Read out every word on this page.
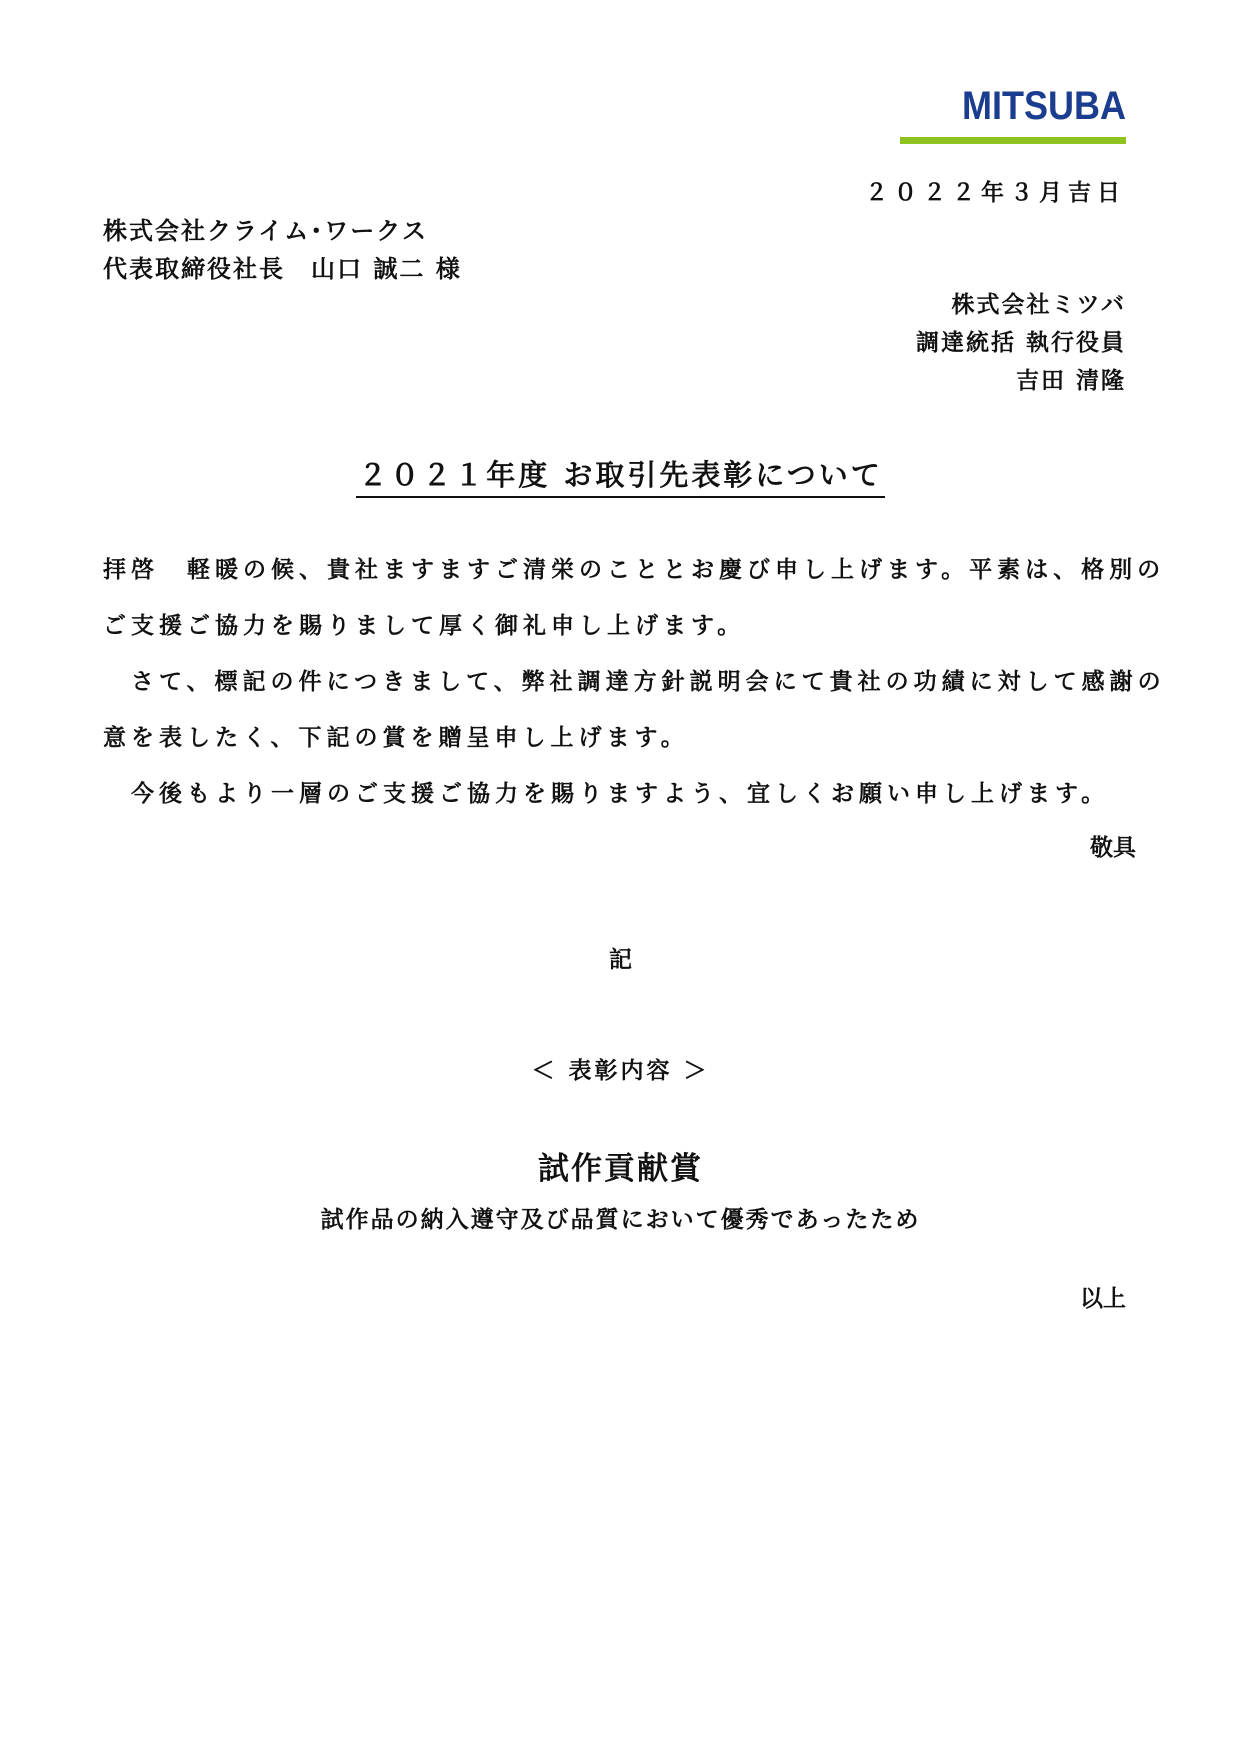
MITSUBA
２０２２年３月吉日
株式会社クライム･ワークス
代表取締役社長　山口 誠二 様
株式会社ミツバ
調達統括 執行役員
吉田 清隆
２０２１年度 お取引先表彰について
拝啓　軽暖の候、貴社ますますご清栄のこととお慶び申し上げます。平素は、格別の
ご支援ご協力を賜りまして厚く御礼申し上げます。
　さて、標記の件につきまして、弊社調達方針説明会にて貴社の功績に対して感謝の
意を表したく、下記の賞を贈呈申し上げます。
　今後もより一層のご支援ご協力を賜りますよう、宜しくお願い申し上げます。
敬具
記
＜ 表彰内容 ＞
試作貢献賞
試作品の納入遵守及び品質において優秀であったため
以上
